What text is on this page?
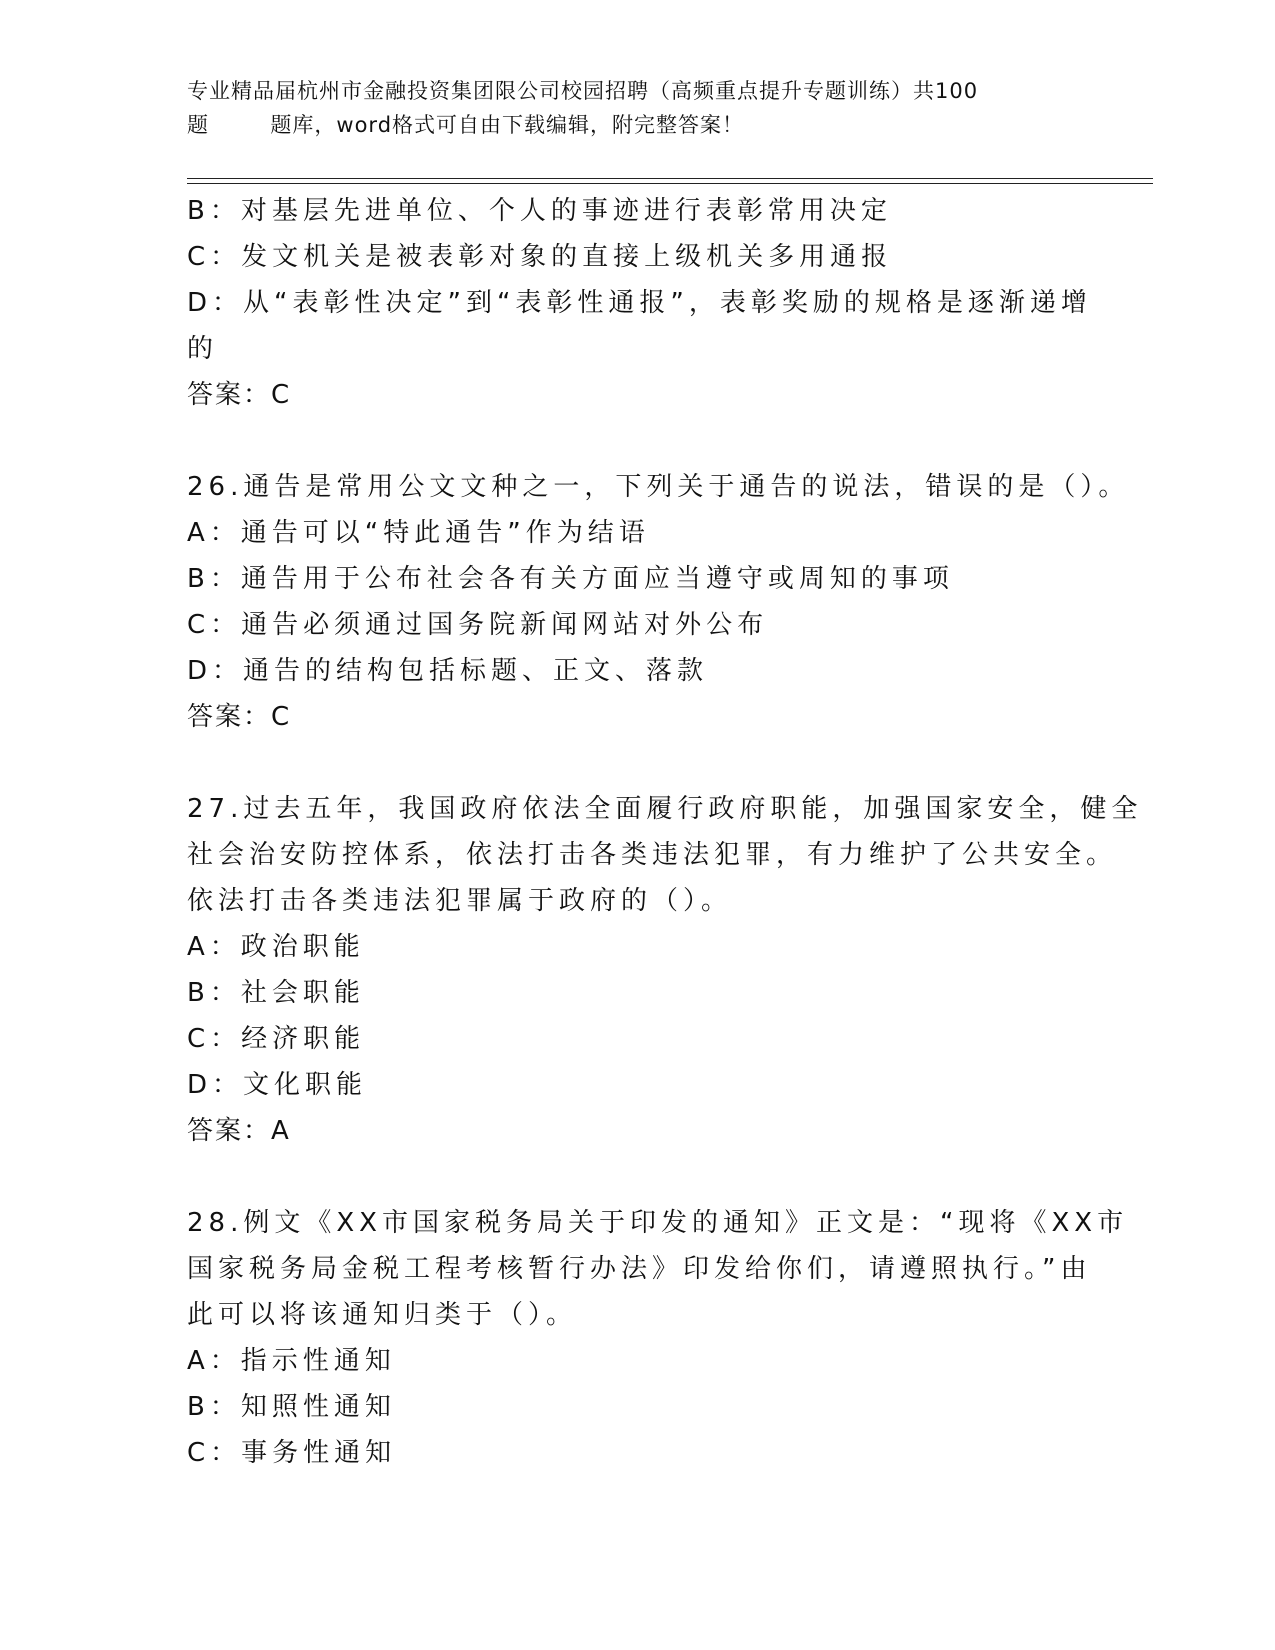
专业精品届杭州市金融投资集团限公司校园招聘（高频重点提升专题训练）共100
题        题库，word格式可自由下载编辑，附完整答案！
B：对基层先进单位、个人的事迹进行表彰常用决定
C：发文机关是被表彰对象的直接上级机关多用通报
D：从“表彰性决定”到“表彰性通报”，表彰奖励的规格是逐渐递增
的
答案：C
26.通告是常用公文文种之一，下列关于通告的说法，错误的是（）。
A：通告可以“特此通告”作为结语
B：通告用于公布社会各有关方面应当遵守或周知的事项
C：通告必须通过国务院新闻网站对外公布
D：通告的结构包括标题、正文、落款
答案：C
27.过去五年，我国政府依法全面履行政府职能，加强国家安全，健全
社会治安防控体系，依法打击各类违法犯罪，有力维护了公共安全。
依法打击各类违法犯罪属于政府的（）。
A：政治职能
B：社会职能
C：经济职能
D：文化职能
答案：A
28.例文《XX市国家税务局关于印发的通知》正文是：“现将《XX市
国家税务局金税工程考核暂行办法》印发给你们，请遵照执行。”由
此可以将该通知归类于（）。
A：指示性通知
B：知照性通知
C：事务性通知
